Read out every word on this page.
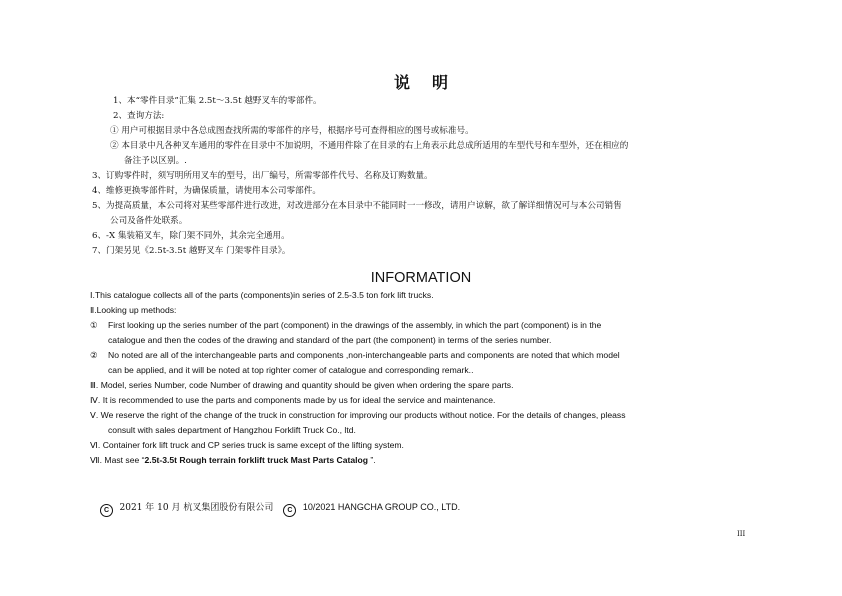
说明
1、本“零件目录”汇集 2.5t～3.5t 越野叉车的零部件。
2、查询方法:
① 用户可根据目录中各总成图查找所需的零部件的序号，根据序号可查得相应的图号或标准号。
② 本目录中凡各种叉车通用的零件在目录中不加说明，不通用件除了在目录的右上角表示此总成所适用的车型代号和车型外，还在相应的
备注予以区别。.
3、订购零件时，须写明所用叉车的型号，出厂编号，所需零部件代号、名称及订购数量。
4、维修更换零部件时，为确保质量，请使用本公司零部件。
5、为提高质量，本公司将对某些零部件进行改进，对改进部分在本目录中不能同时一一修改，请用户谅解，欲了解详细情况可与本公司销售
公司及备件处联系。
6、-X 集装箱叉车，除门架不同外，其余完全通用。
7、门架另见《2.5t-3.5t 越野叉车 门架零件目录》。
INFORMATION
Ⅰ.This catalogue collects all of the parts (components)in series of 2.5-3.5 ton fork lift trucks.
Ⅱ.Looking up methods:
① First looking up the series number of the part (component) in the drawings of the assembly, in which the part (component) is in the
catalogue and then the codes of the drawing and standard of the part (the component) in terms of the series number.
② No noted are all of the interchangeable parts and components ,non-interchangeable parts and components are noted that which model
can be applied, and it will be noted at top righter comer of catalogue and corresponding remark..
Ⅲ. Model, series Number, code Number of drawing and quantity should be given when ordering the spare parts.
Ⅳ. It is recommended to use the parts and components made by us for ideal the service and maintenance.
Ⅴ. We reserve the right of the change of the truck in construction for improving our products without notice. For the details of changes, pleass
consult with sales department of Hangzhou Forklift Truck Co., ltd.
Ⅵ. Container fork lift truck and CP series truck is same except of the lifting system.
Ⅶ. Mast see “2.5t-3.5t Rough terrain forklift truck Mast Parts Catalog ”.
C 2021 年 10 月 杭叉集团股份有限公司 C 10/2021 HANGCHA GROUP CO., LTD.
III
